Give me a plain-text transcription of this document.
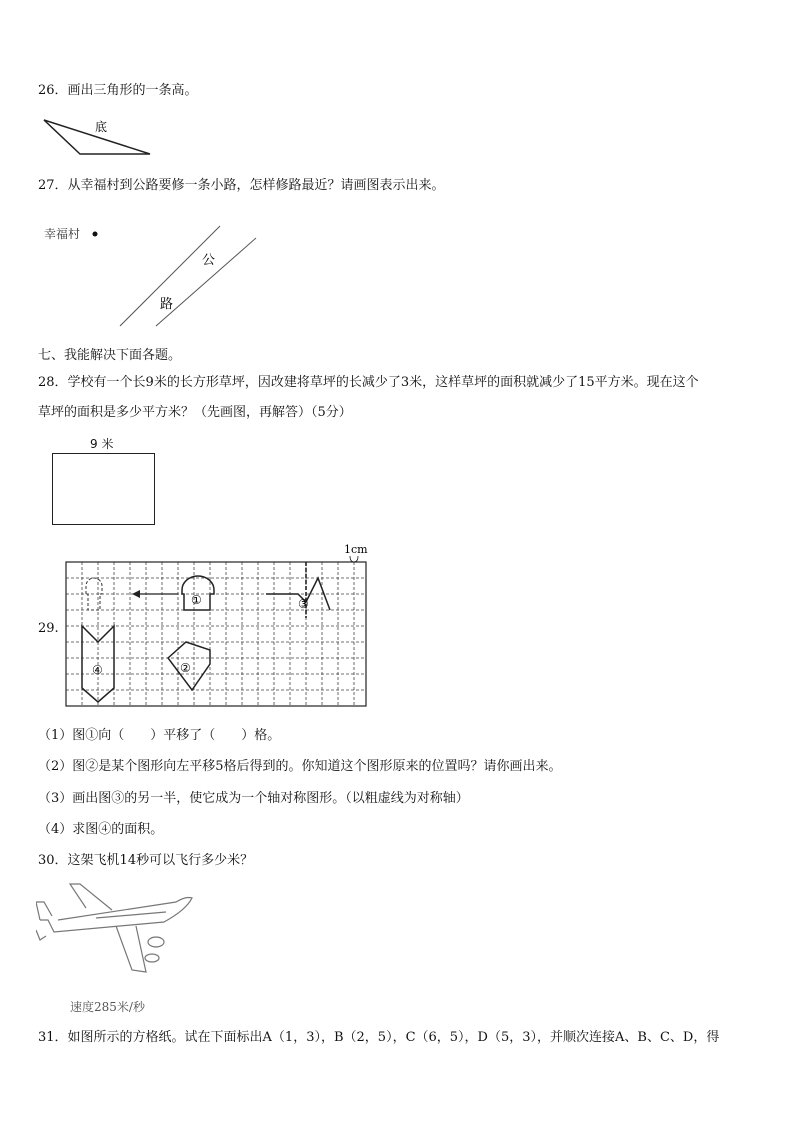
26．画出三角形的一条高。
底
27．从幸福村到公路要修一条小路，怎样修路最近？请画图表示出来。
幸福村
公
路
七、我能解决下面各题。
28．学校有一个长9米的长方形草坪，因改建将草坪的长减少了3米，这样草坪的面积就减少了15平方米。现在这个
草坪的面积是多少平方米？（先画图，再解答）（5分）
9 米
29.
1cm
①	③
④	②
（1）图①向（　　）平移了（　　）格。
（2）图②是某个图形向左平移5格后得到的。你知道这个图形原来的位置吗？请你画出来。
（3）画出图③的另一半，使它成为一个轴对称图形。（以粗虚线为对称轴）
（4）求图④的面积。
30．这架飞机14秒可以飞行多少米？
速度285米/秒
31．如图所示的方格纸。试在下面标出A（1，3），B（2，5），C（6，5），D（5，3），并顺次连接A、B、C、D，得
